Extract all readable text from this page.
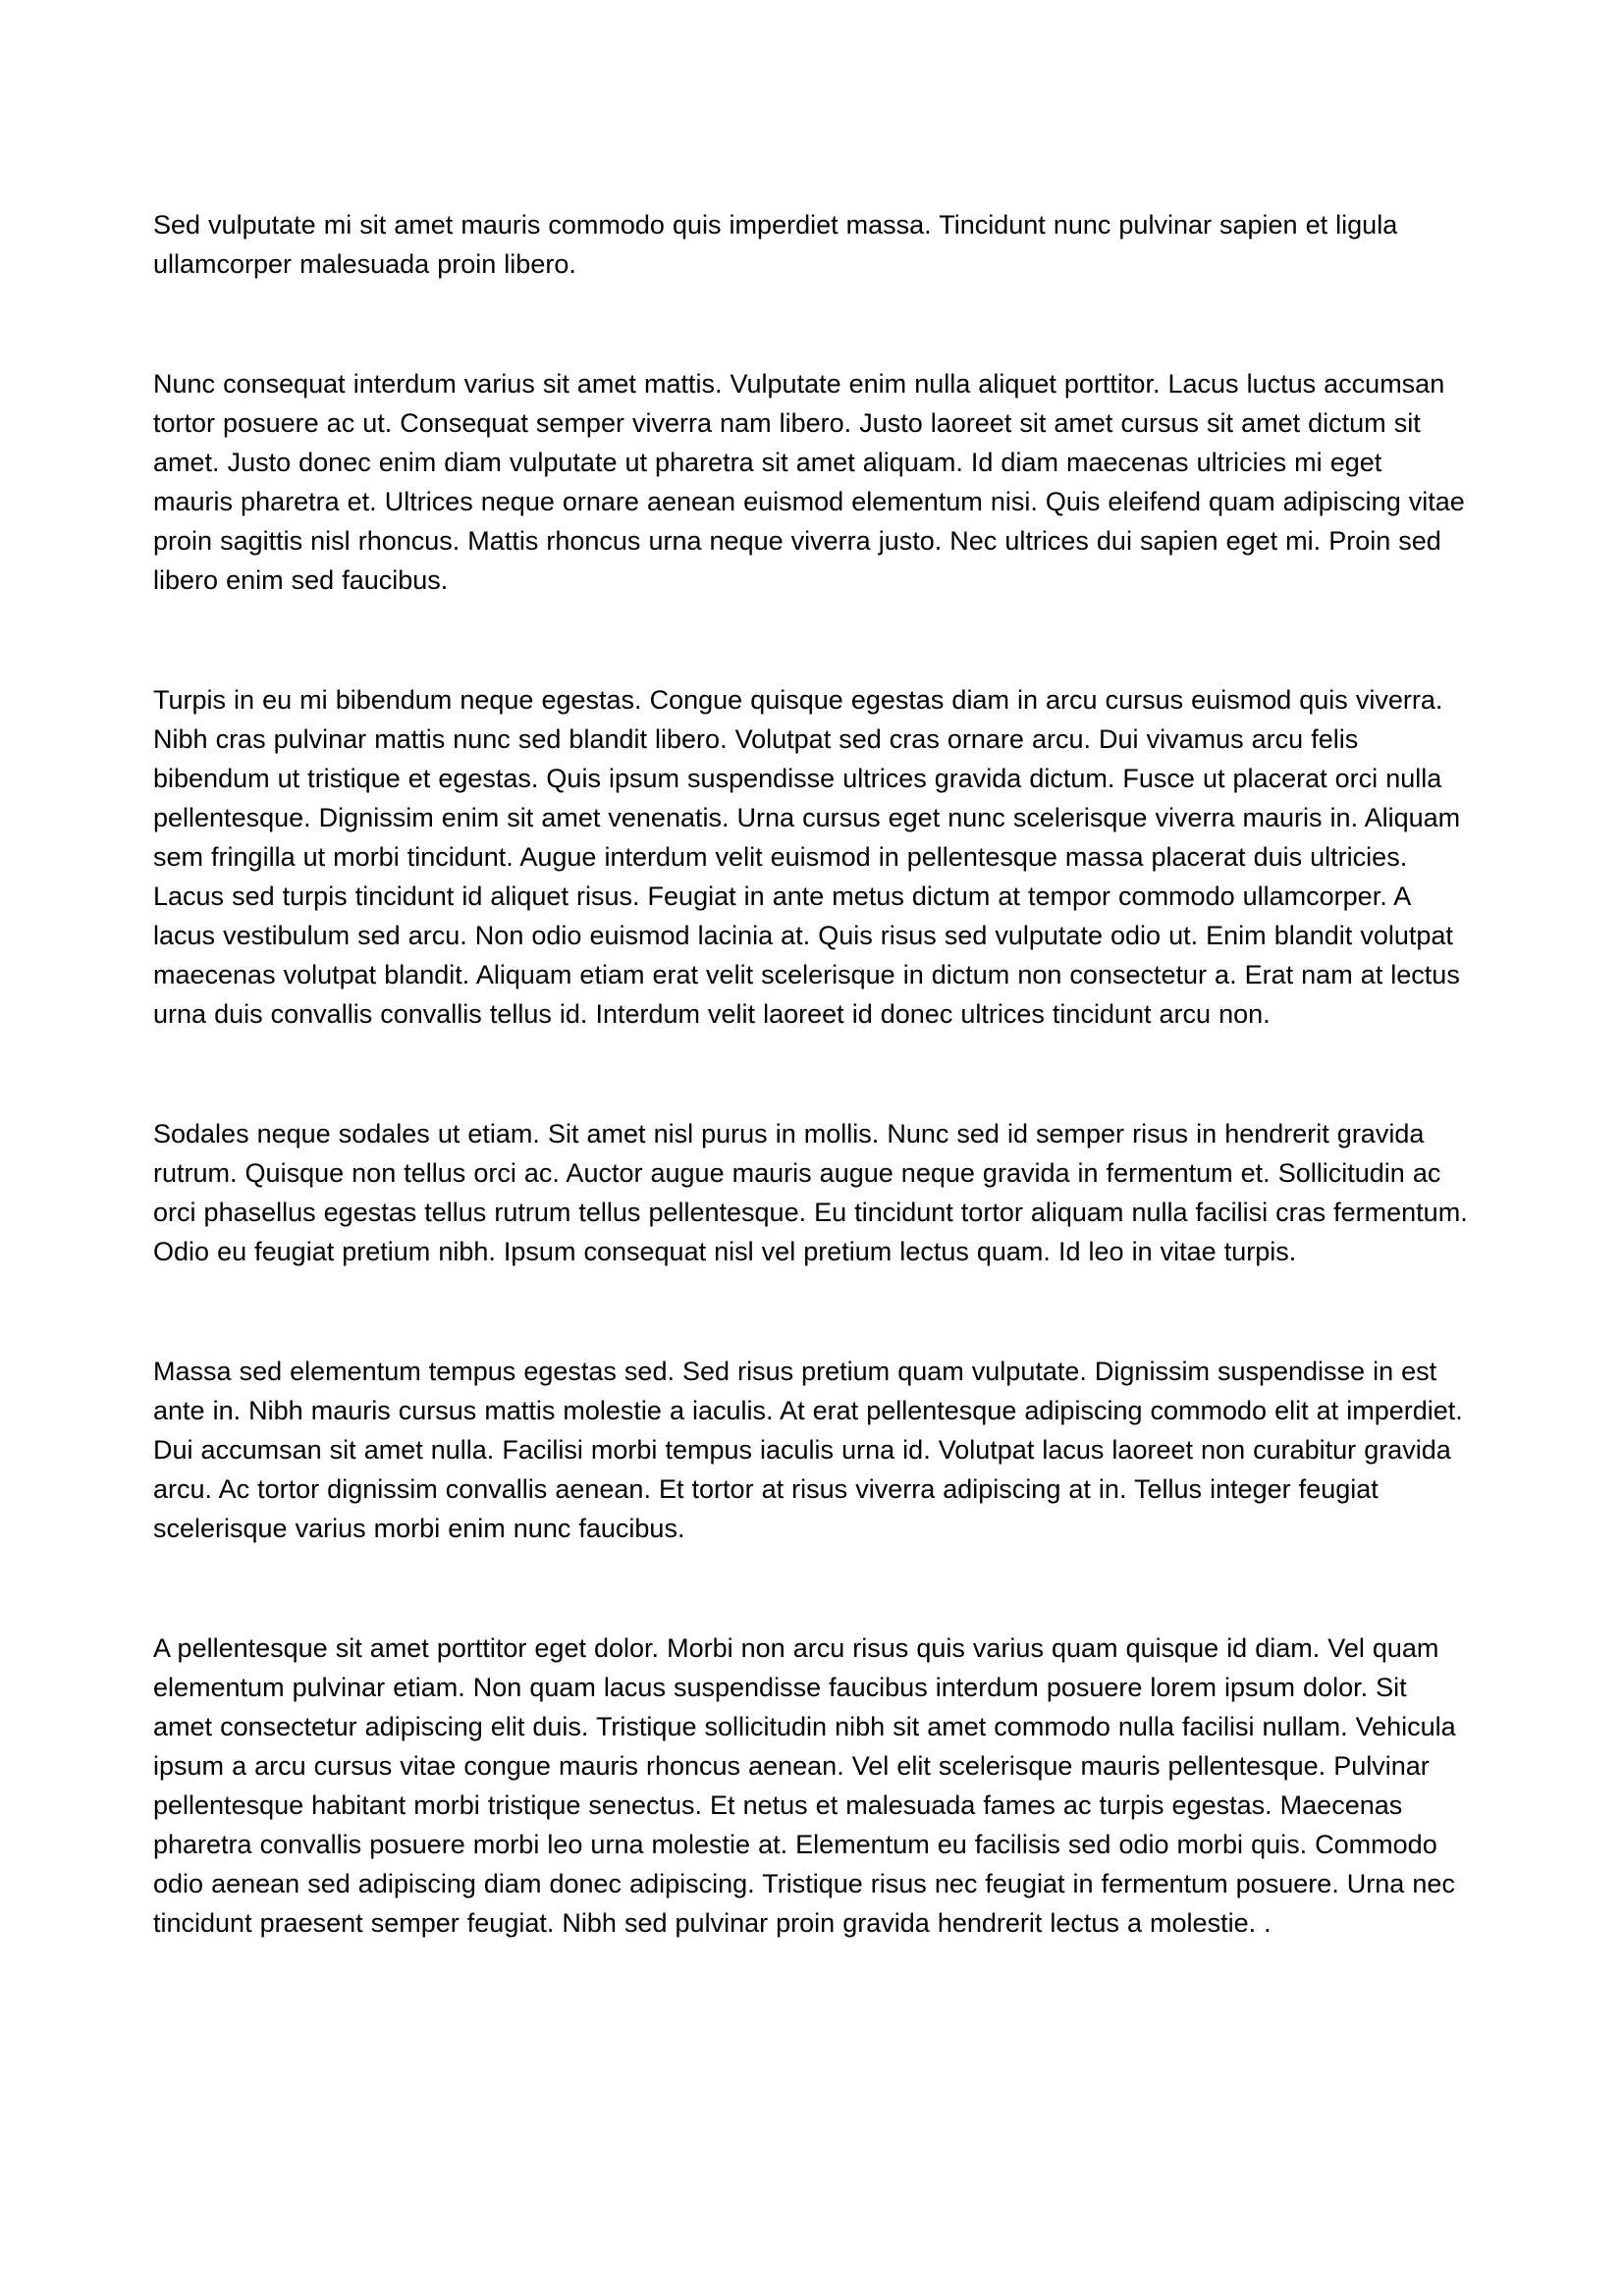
Sed vulputate mi sit amet mauris commodo quis imperdiet massa. Tincidunt nunc pulvinar sapien et ligula ullamcorper malesuada proin libero.

Nunc consequat interdum varius sit amet mattis. Vulputate enim nulla aliquet porttitor. Lacus luctus accumsan tortor posuere ac ut. Consequat semper viverra nam libero. Justo laoreet sit amet cursus sit amet dictum sit amet. Justo donec enim diam vulputate ut pharetra sit amet aliquam. Id diam maecenas ultricies mi eget mauris pharetra et. Ultrices neque ornare aenean euismod elementum nisi. Quis eleifend quam adipiscing vitae proin sagittis nisl rhoncus. Mattis rhoncus urna neque viverra justo. Nec ultrices dui sapien eget mi. Proin sed libero enim sed faucibus.

Turpis in eu mi bibendum neque egestas. Congue quisque egestas diam in arcu cursus euismod quis viverra. Nibh cras pulvinar mattis nunc sed blandit libero. Volutpat sed cras ornare arcu. Dui vivamus arcu felis bibendum ut tristique et egestas. Quis ipsum suspendisse ultrices gravida dictum. Fusce ut placerat orci nulla pellentesque. Dignissim enim sit amet venenatis. Urna cursus eget nunc scelerisque viverra mauris in. Aliquam sem fringilla ut morbi tincidunt. Augue interdum velit euismod in pellentesque massa placerat duis ultricies. Lacus sed turpis tincidunt id aliquet risus. Feugiat in ante metus dictum at tempor commodo ullamcorper. A lacus vestibulum sed arcu. Non odio euismod lacinia at. Quis risus sed vulputate odio ut. Enim blandit volutpat maecenas volutpat blandit. Aliquam etiam erat velit scelerisque in dictum non consectetur a. Erat nam at lectus urna duis convallis convallis tellus id. Interdum velit laoreet id donec ultrices tincidunt arcu non.

Sodales neque sodales ut etiam. Sit amet nisl purus in mollis. Nunc sed id semper risus in hendrerit gravida rutrum. Quisque non tellus orci ac. Auctor augue mauris augue neque gravida in fermentum et. Sollicitudin ac orci phasellus egestas tellus rutrum tellus pellentesque. Eu tincidunt tortor aliquam nulla facilisi cras fermentum. Odio eu feugiat pretium nibh. Ipsum consequat nisl vel pretium lectus quam. Id leo in vitae turpis.

Massa sed elementum tempus egestas sed. Sed risus pretium quam vulputate. Dignissim suspendisse in est ante in. Nibh mauris cursus mattis molestie a iaculis. At erat pellentesque adipiscing commodo elit at imperdiet. Dui accumsan sit amet nulla. Facilisi morbi tempus iaculis urna id. Volutpat lacus laoreet non curabitur gravida arcu. Ac tortor dignissim convallis aenean. Et tortor at risus viverra adipiscing at in. Tellus integer feugiat scelerisque varius morbi enim nunc faucibus.

A pellentesque sit amet porttitor eget dolor. Morbi non arcu risus quis varius quam quisque id diam. Vel quam elementum pulvinar etiam. Non quam lacus suspendisse faucibus interdum posuere lorem ipsum dolor. Sit amet consectetur adipiscing elit duis. Tristique sollicitudin nibh sit amet commodo nulla facilisi nullam. Vehicula ipsum a arcu cursus vitae congue mauris rhoncus aenean. Vel elit scelerisque mauris pellentesque. Pulvinar pellentesque habitant morbi tristique senectus. Et netus et malesuada fames ac turpis egestas. Maecenas pharetra convallis posuere morbi leo urna molestie at. Elementum eu facilisis sed odio morbi quis. Commodo odio aenean sed adipiscing diam donec adipiscing. Tristique risus nec feugiat in fermentum posuere. Urna nec tincidunt praesent semper feugiat. Nibh sed pulvinar proin gravida hendrerit lectus a molestie. .
